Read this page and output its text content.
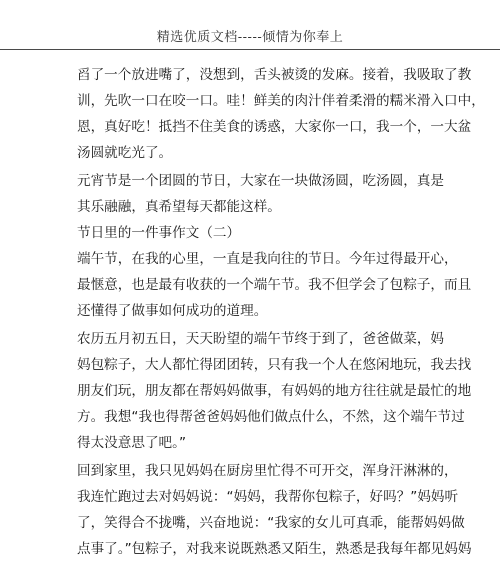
精选优质文档-----倾情为你奉上
舀了一个放进嘴了，没想到，舌头被烫的发麻。接着，我吸取了教
训，先吹一口在咬一口。哇！鲜美的肉汁伴着柔滑的糯米滑入口中，
恩，真好吃！抵挡不住美食的诱惑，大家你一口，我一个，一大盆
汤圆就吃光了。
元宵节是一个团圆的节日，大家在一块做汤圆，吃汤圆，真是
其乐融融，真希望每天都能这样。
节日里的一件事作文（二）
端午节，在我的心里，一直是我向往的节日。今年过得最开心，
最惬意，也是最有收获的一个端午节。我不但学会了包粽子，而且
还懂得了做事如何成功的道理。
农历五月初五日，天天盼望的端午节终于到了，爸爸做菜，妈
妈包粽子，大人都忙得团团转，只有我一个人在悠闲地玩，我去找
朋友们玩，朋友都在帮妈妈做事，有妈妈的地方往往就是最忙的地
方。我想“我也得帮爸爸妈妈他们做点什么，不然，这个端午节过
得太没意思了吧。”
回到家里，我只见妈妈在厨房里忙得不可开交，浑身汗淋淋的，
我连忙跑过去对妈妈说：“妈妈，我帮你包粽子，好吗？”妈妈听
了，笑得合不拢嘴，兴奋地说：“我家的女儿可真乖，能帮妈妈做
点事了。”包粽子，对我来说既熟悉又陌生，熟悉是我每年都见妈妈
